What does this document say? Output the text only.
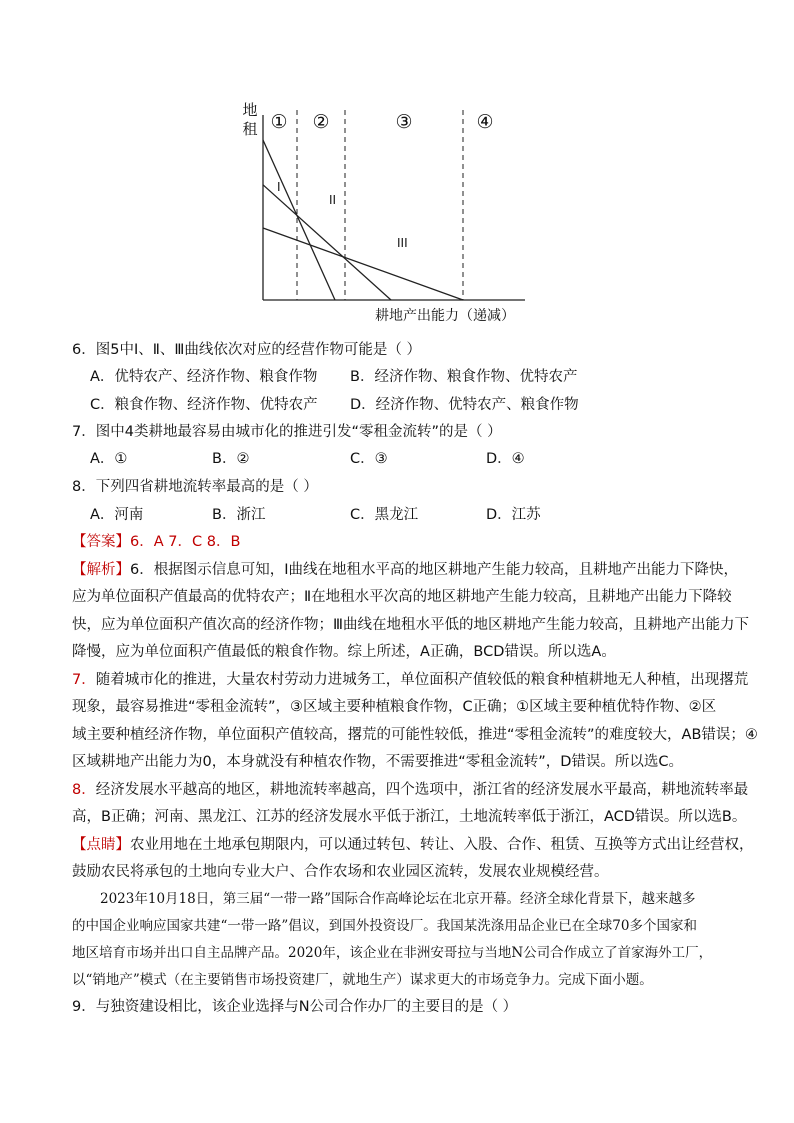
地
租
耕地产出能力（递减）
① ②	③	④
I
II
III
6．图5中Ⅰ、Ⅱ、Ⅲ曲线依次对应的经营作物可能是（ ）
A．优特农产、经济作物、粮食作物 B．经济作物、粮食作物、优特农产
C．粮食作物、经济作物、优特农产 D．经济作物、优特农产、粮食作物
7．图中4类耕地最容易由城市化的推进引发“零租金流转”的是（ ）
A．①	B．②	C．③	D．④
8．下列四省耕地流转率最高的是（ ）
A．河南	B．浙江	C．黑龙江	D．江苏
【答案】6．A 7．C 8．B
【解析】6．根据图示信息可知，Ⅰ曲线在地租水平高的地区耕地产生能力较高，且耕地产出能力下降快，
应为单位面积产值最高的优特农产；Ⅱ在地租水平次高的地区耕地产生能力较高，且耕地产出能力下降较
快，应为单位面积产值次高的经济作物；Ⅲ曲线在地租水平低的地区耕地产生能力较高，且耕地产出能力下
降慢，应为单位面积产值最低的粮食作物。综上所述，A正确，BCD错误。所以选A。
7．随着城市化的推进，大量农村劳动力进城务工，单位面积产值较低的粮食种植耕地无人种植，出现撂荒
现象，最容易推进“零租金流转”，③区域主要种植粮食作物，C正确；①区域主要种植优特作物、②区
域主要种植经济作物，单位面积产值较高，撂荒的可能性较低，推进“零租金流转”的难度较大，AB错误；④
区域耕地产出能力为0，本身就没有种植农作物，不需要推进“零租金流转”，D错误。所以选C。
8．经济发展水平越高的地区，耕地流转率越高，四个选项中，浙江省的经济发展水平最高，耕地流转率最
高，B正确；河南、黑龙江、江苏的经济发展水平低于浙江，土地流转率低于浙江，ACD错误。所以选B。
【点睛】农业用地在土地承包期限内，可以通过转包、转让、入股、合作、租赁、互换等方式出让经营权，
鼓励农民将承包的土地向专业大户、合作农场和农业园区流转，发展农业规模经营。
2023年10月18日，第三届“一带一路”国际合作高峰论坛在北京开幕。经济全球化背景下，越来越多
的中国企业响应国家共建“一带一路”倡议，到国外投资设厂。我国某洗涤用品企业已在全球70多个国家和
地区培育市场并出口自主品牌产品。2020年，该企业在非洲安哥拉与当地N公司合作成立了首家海外工厂，
以“销地产”模式（在主要销售市场投资建厂，就地生产）谋求更大的市场竞争力。完成下面小题。
9．与独资建设相比，该企业选择与N公司合作办厂的主要目的是（ ）
